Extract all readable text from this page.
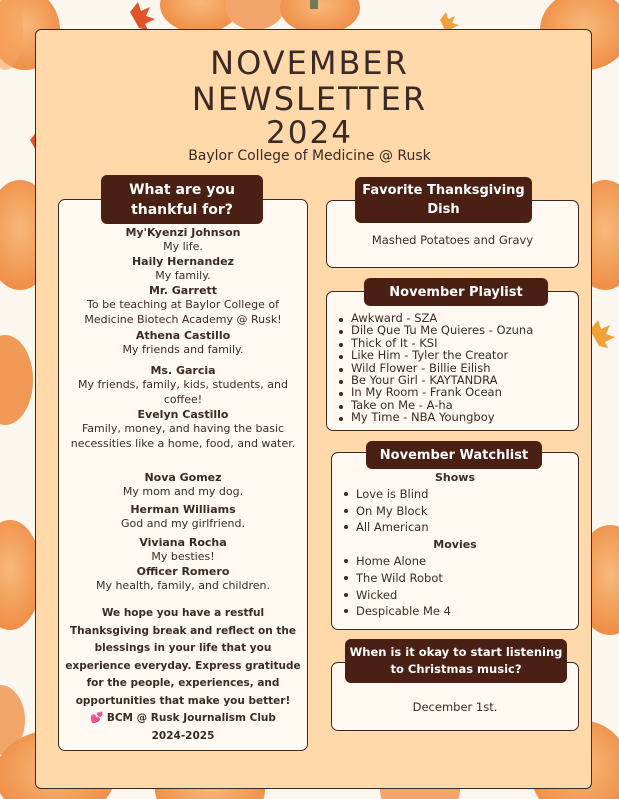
NOVEMBER
NEWSLETTER
2024
Baylor College of Medicine @ Rusk
What are you
thankful for?
My'Kyenzi Johnson
My life.
Haily Hernandez
My family.
Mr. Garrett
To be teaching at Baylor College of Medicine Biotech Academy @ Rusk!
Athena Castillo
My friends and family.
Ms. Garcia
My friends, family, kids, students, and coffee!
Evelyn Castillo
Family, money, and having the basic necessities like a home, food, and water.
Nova Gomez
My mom and my dog.
Herman Williams
God and my girlfriend.
Viviana Rocha
My besties!
Officer Romero
My health, family, and children.
We hope you have a restful Thanksgiving break and reflect on the blessings in your life that you experience everyday. Express gratitude for the people, experiences, and opportunities that make you better!
💕 BCM @ Rusk Journalism Club
2024-2025
Favorite Thanksgiving
Dish
Mashed Potatoes and Gravy
November Playlist
Awkward - SZA
Dile Que Tu Me Quieres - Ozuna
Thick of It - KSI
Like Him - Tyler the Creator
Wild Flower - Billie Eilish
Be Your Girl - KAYTANDRA
In My Room - Frank Ocean
Take on Me - A-ha
My Time - NBA Youngboy
November Watchlist
Shows
Love is Blind
On My Block
All American
Movies
Home Alone
The Wild Robot
Wicked
Despicable Me 4
When is it okay to start listening
to Christmas music?
December 1st.
